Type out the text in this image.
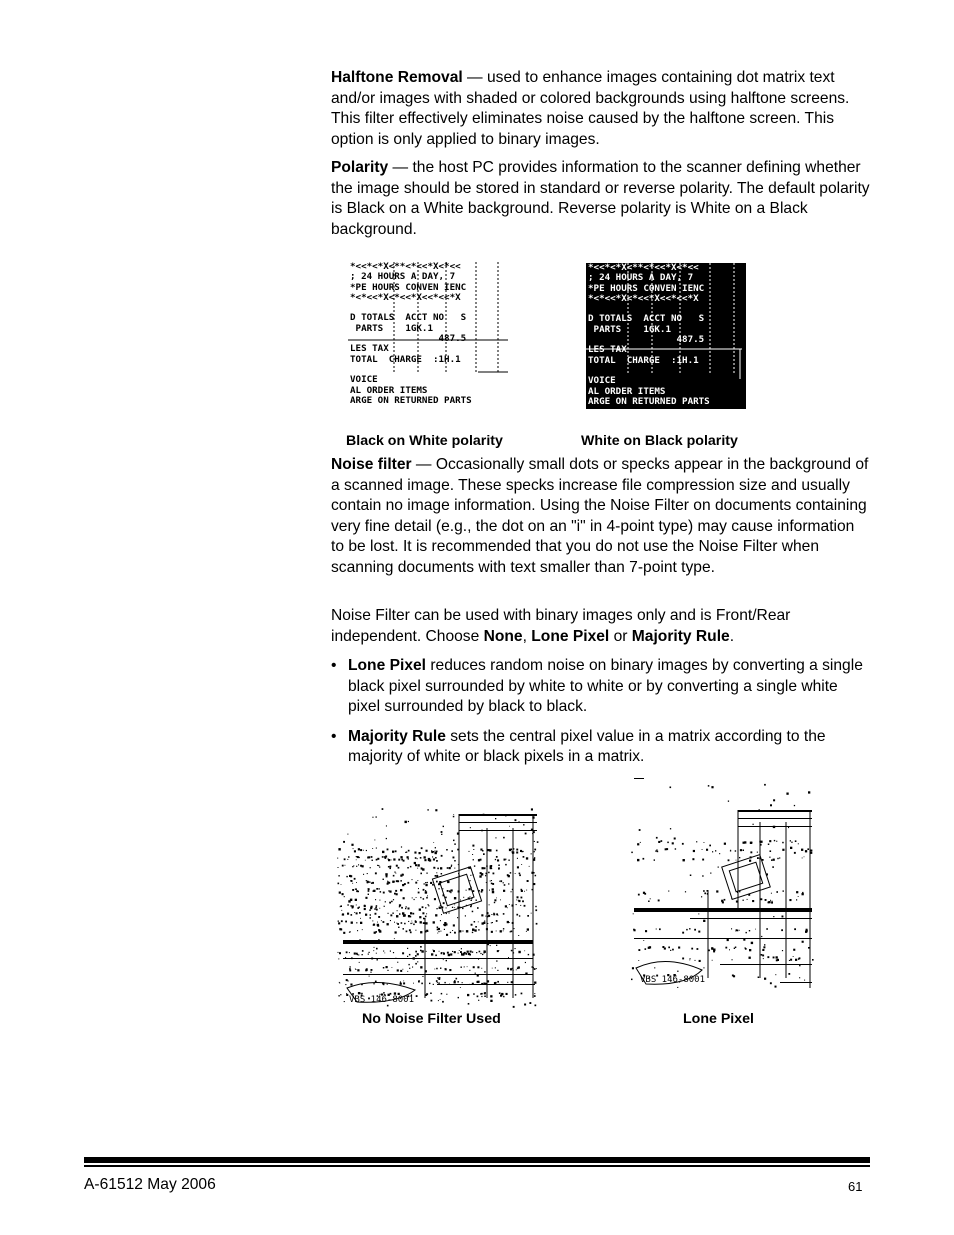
Halftone Removal — used to enhance images containing dot matrix text and/or images with shaded or colored backgrounds using halftone screens. This filter effectively eliminates noise caused by the halftone screen. This option is only applied to binary images.

Polarity — the host PC provides information to the scanner defining whether the image should be stored in standard or reverse polarity. The default polarity is Black on a White background. Reverse polarity is White on a Black background.

*<<*<*X<**<*<<*X<*<<
; 24 HOURS A DAY, 7
*PE HOURS CONVEN IENC
*<*<<*X<*<<*X<<*<<*X

D TOTALS  ACCT NO   S
PARTS    1GK.1
487.5
LES TAX
TOTAL  CHARGE  :1H.1

VOICE
AL ORDER ITEMS
ARGE ON RETURNED PARTS
*<<*<*X<**<*<<*X<*<<
; 24 HOURS A DAY, 7
*PE HOURS CONVEN IENC
*<*<<*X<*<<*X<<*<<*X

D TOTALS  ACCT NO   S
PARTS    1GK.1
487.5
LES TAX
TOTAL  CHARGE  :1H.1

VOICE
AL ORDER ITEMS
ARGE ON RETURNED PARTS
Black on White polarity	White on Black polarity

Noise filter — Occasionally small dots or specks appear in the background of a scanned image. These specks increase file compression size and usually contain no image information. Using the Noise Filter on documents containing very fine detail (e.g., the dot on an "i" in 4-point type) may cause information to be lost. It is recommended that you do not use the Noise Filter when scanning documents with text smaller than 7-point type.

Noise Filter can be used with binary images only and is Front/Rear independent. Choose None, Lone Pixel or Majority Rule.

• Lone Pixel reduces random noise on binary images by converting a single black pixel surrounded by white to white or by converting a single white pixel surrounded by black to black.
• Majority Rule sets the central pixel value in a matrix according to the majority of white or black pixels in a matrix.
VBS 146-8001
VBS 146-8001
No Noise Filter Used	Lone Pixel
A-61512 May 2006	61
